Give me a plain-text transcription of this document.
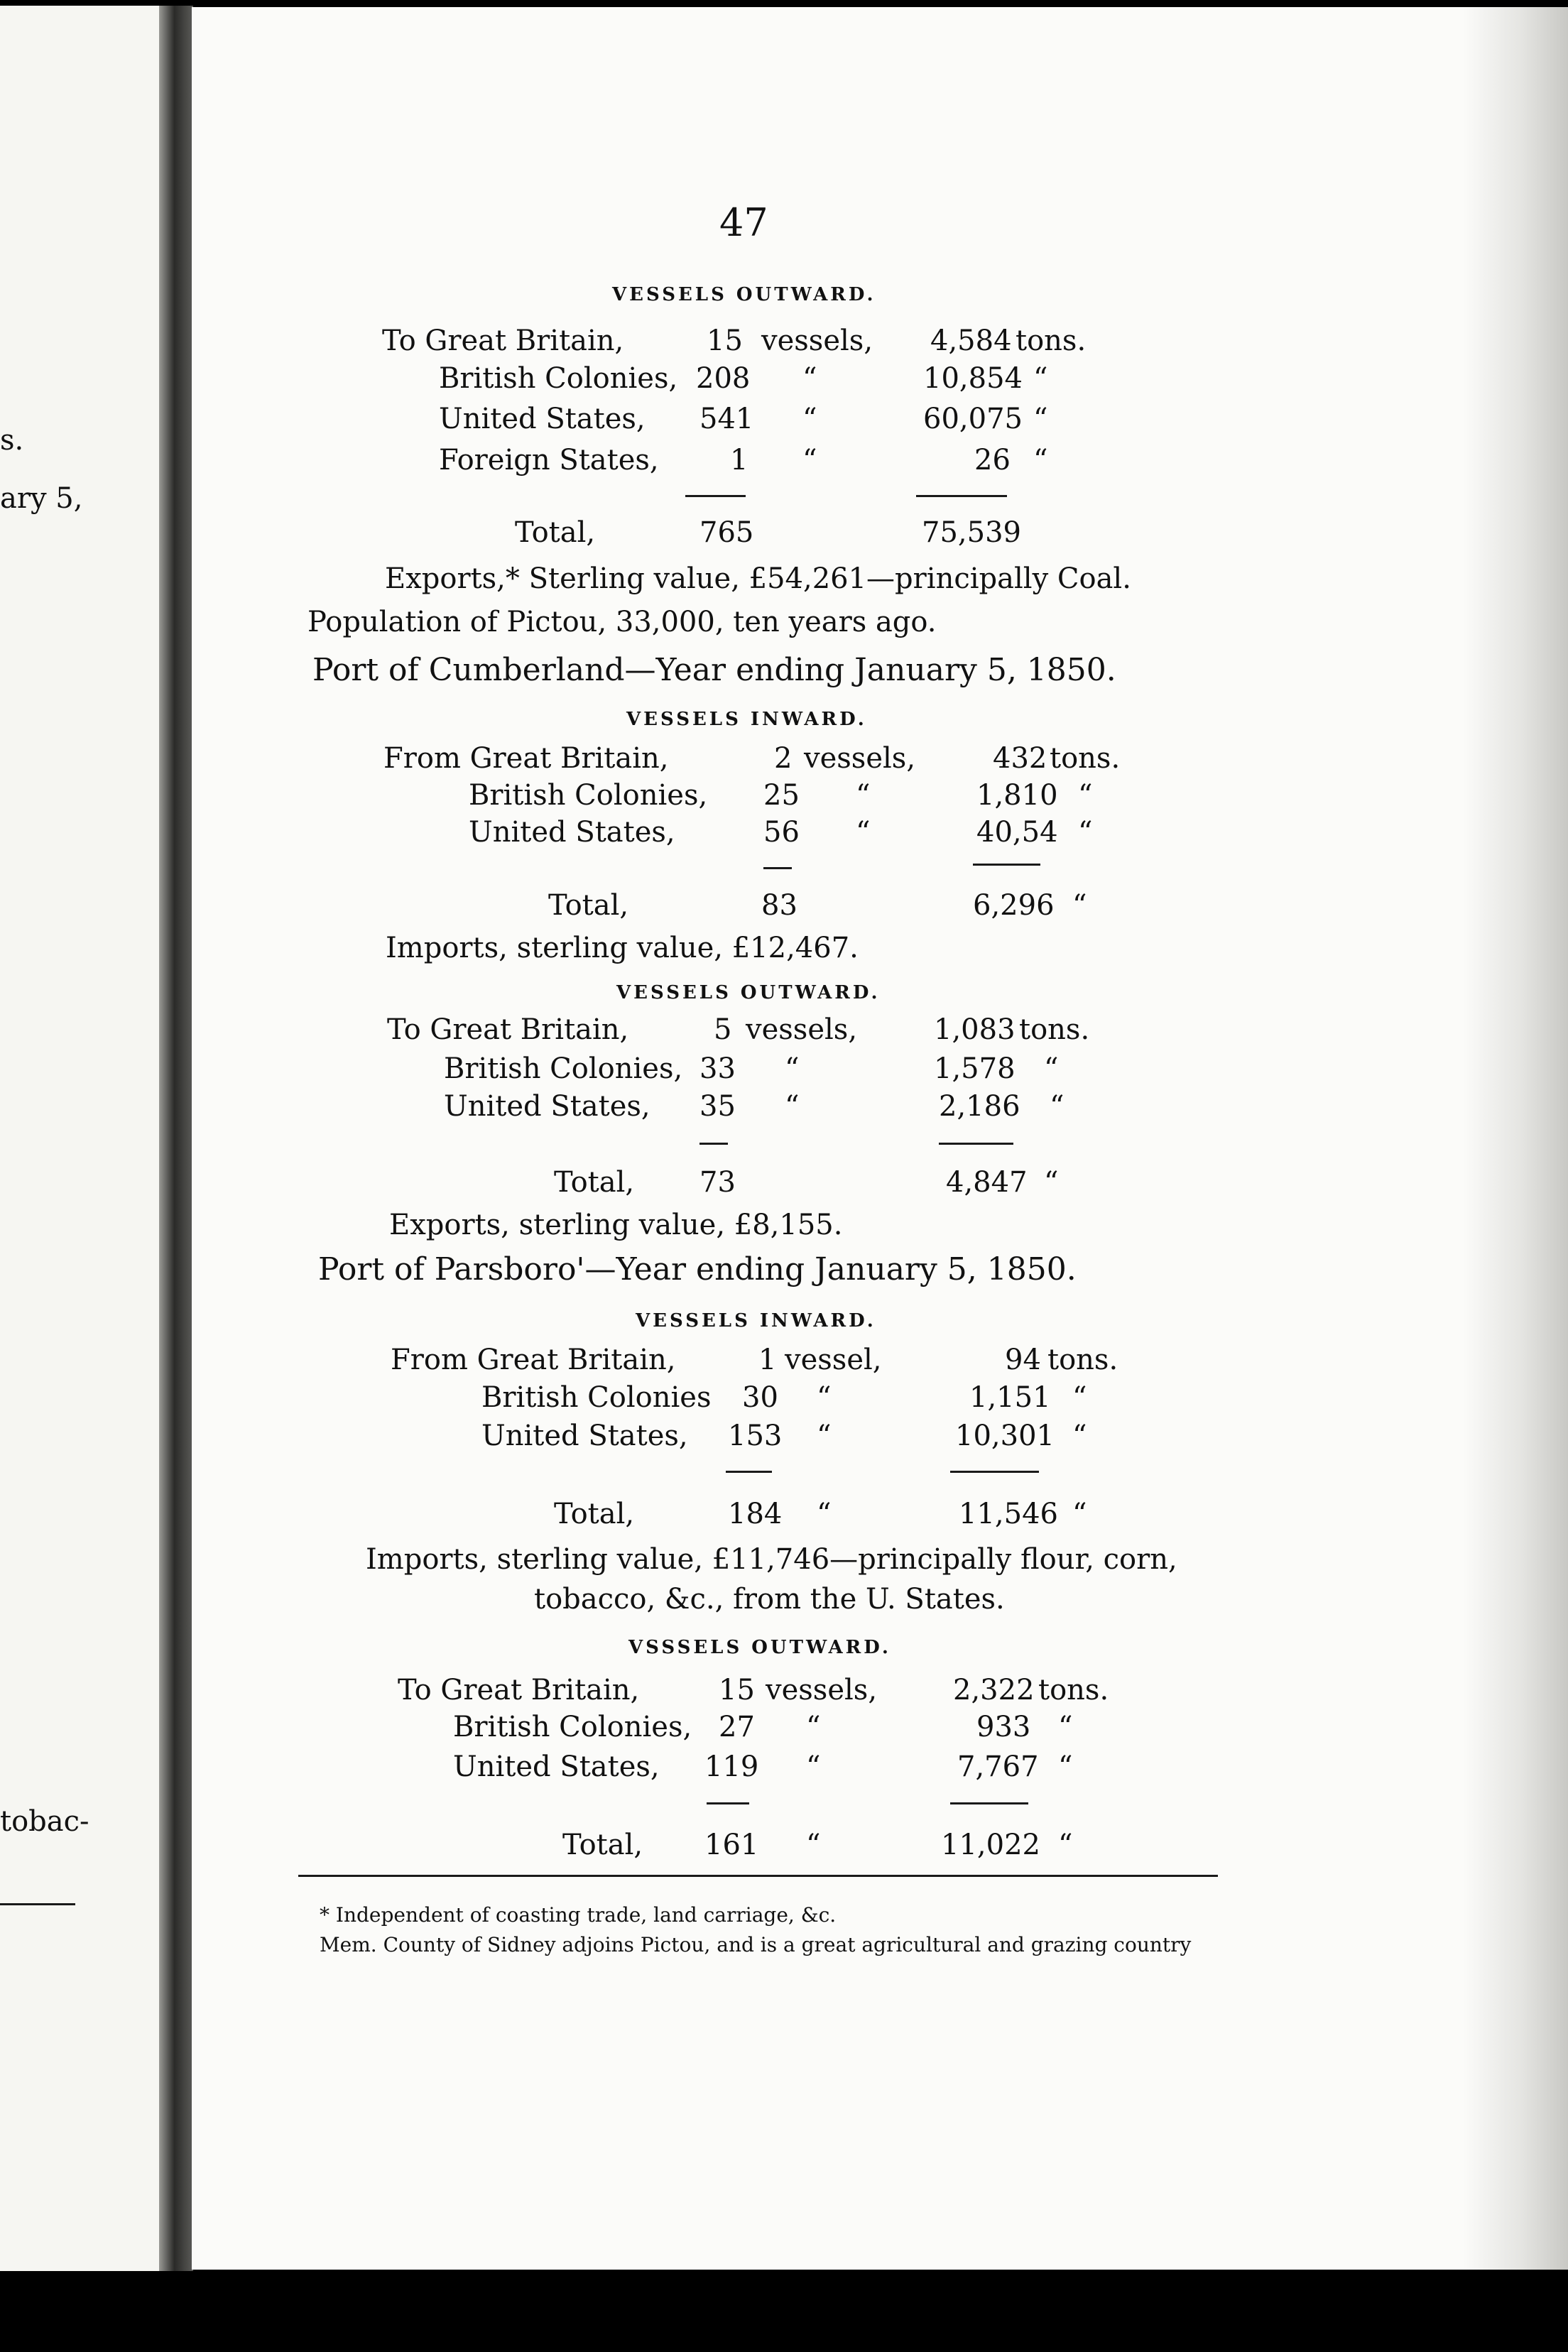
s.
ary 5,
tobac-
47
VESSELS OUTWARD.
To Great Britain,	15 vessels, 4,584 tons.
British Colonies, 208 “	10,854 “
United States, 541 “	60,075 “
Foreign States,	1 “	26 “
Total,	765	75,539
Exports,* Sterling value, £54,261—principally Coal.
Population of Pictou, 33,000, ten years ago.
Port of Cumberland—Year ending January 5, 1850.
VESSELS INWARD.
From Great Britain,	2 vessels,	432 tons.
British Colonies, 25 “	1,810 “
United States,	56 “	40,54 “
Total,	83	6,296 “
Imports, sterling value, £12,467.
VESSELS OUTWARD.
To Great Britain,	5 vessels,	1,083 tons.
British Colonies, 33 “	1,578 “
United States, 35 “	2,186 “
Total, 73	4,847 “
Exports, sterling value, £8,155.
Port of Parsboro'—Year ending January 5, 1850.
VESSELS INWARD.
From Great Britain,	1 vessel,	94 tons.
British Colonies 30 “	1,151 “
United States, 153 “	10,301 “
Total,	184 “	11,546 “
Imports, sterling value, £11,746—principally flour, corn,
tobacco, &c., from the U. States.
VSSSELS OUTWARD.
To Great Britain,	15 vessels,	2,322 tons.
British Colonies, 27 “	933 “
United States, 119 “	7,767 “
Total, 161 “	11,022 “
* Independent of coasting trade, land carriage, &c.
Mem. County of Sidney adjoins Pictou, and is a great agricultural and grazing country
